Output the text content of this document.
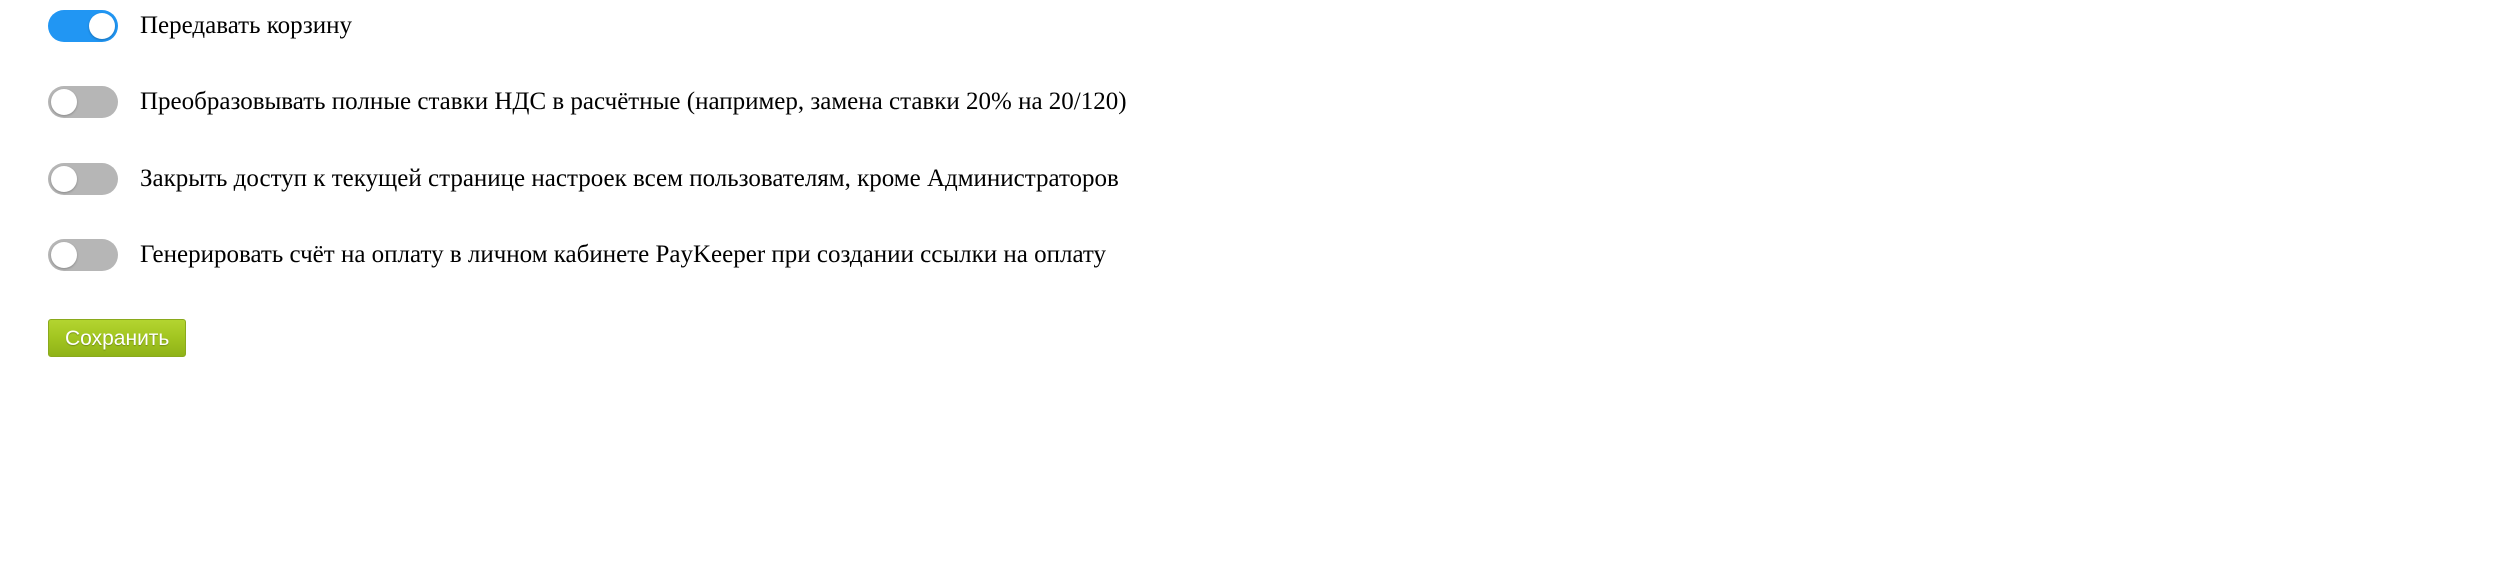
Передавать корзину
Преобразовывать полные ставки НДС в расчётные (например, замена ставки 20% на 20/120)
Закрыть доступ к текущей странице настроек всем пользователям, кроме Администраторов
Генерировать счёт на оплату в личном кабинете PayKeeper при создании ссылки на оплату
Сохранить
